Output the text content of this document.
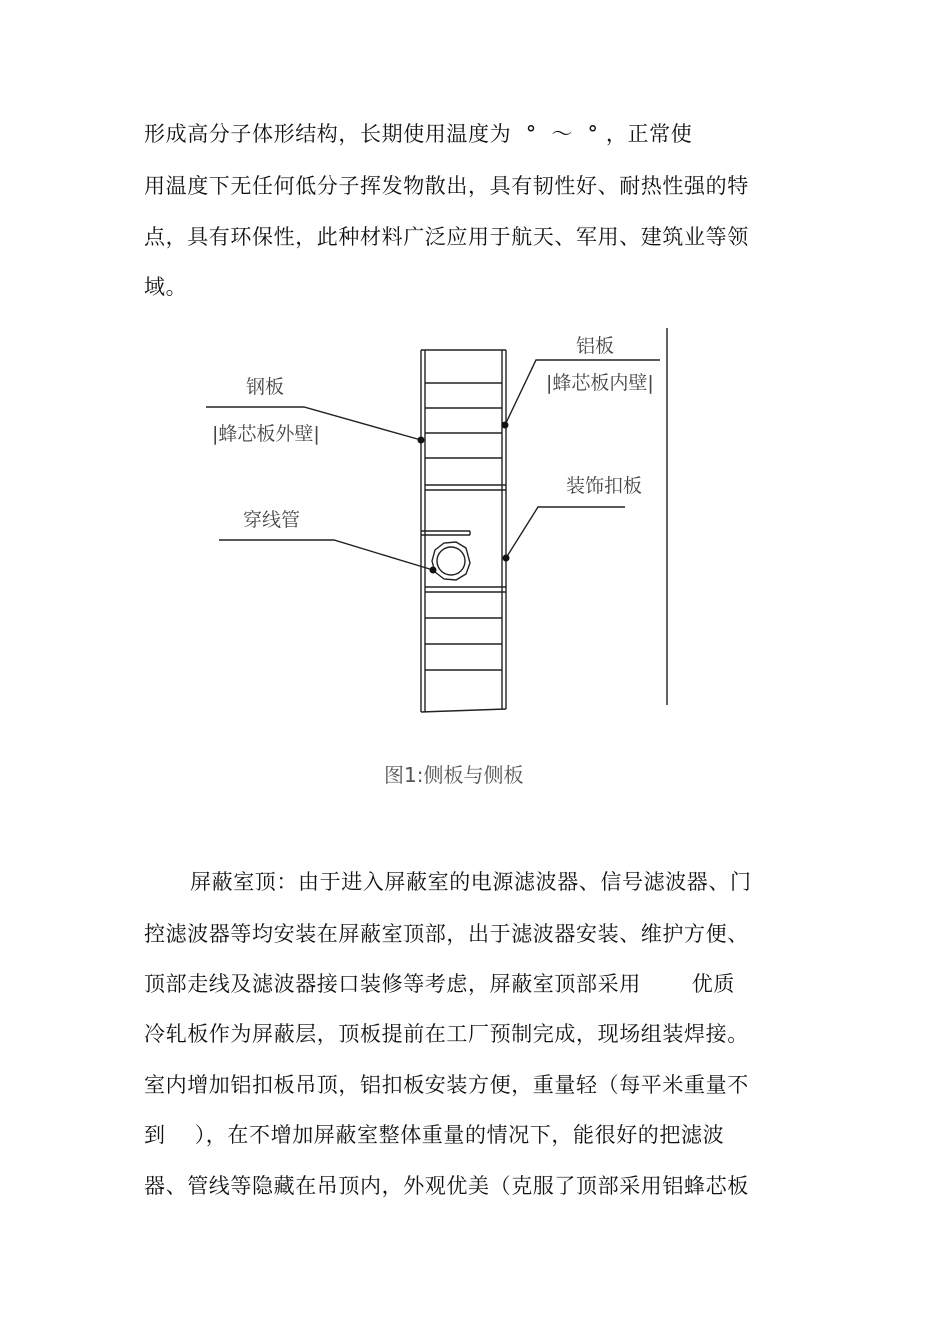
形成高分子体形结构，长期使用温度为  °  ～  ° ，正常使
用温度下无任何低分子挥发物散出，具有韧性好、耐热性强的特
点，具有环保性，此种材料广泛应用于航天、军用、建筑业等领
域。
钢板
|蜂芯板外壁|
穿线管
铝板
|蜂芯板内壁|
装饰扣板
图1:侧板与侧板
屏蔽室顶：由于进入屏蔽室的电源滤波器、信号滤波器、门
控滤波器等均安装在屏蔽室顶部，出于滤波器安装、维护方便、
顶部走线及滤波器接口装修等考虑，屏蔽室顶部采用       优质
冷轧板作为屏蔽层，顶板提前在工厂预制完成，现场组装焊接。
室内增加铝扣板吊顶，铝扣板安装方便，重量轻（每平米重量不
到    ），在不增加屏蔽室整体重量的情况下，能很好的把滤波
器、管线等隐藏在吊顶内，外观优美（克服了顶部采用铝蜂芯板
